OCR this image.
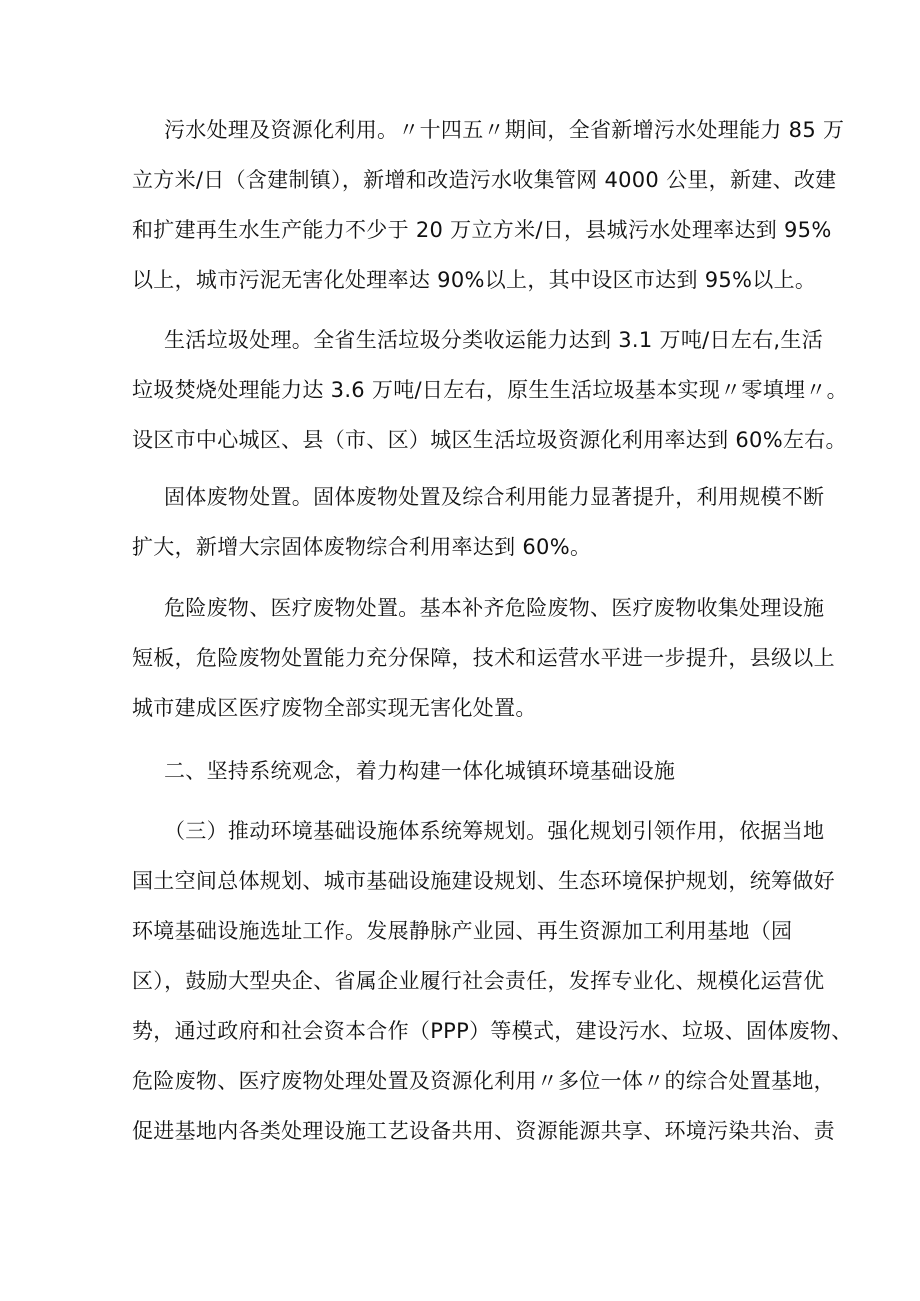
污水处理及资源化利用。〃十四五〃期间，全省新增污水处理能力 85 万
立方米/日（含建制镇），新增和改造污水收集管网 4000 公里，新建、改建
和扩建再生水生产能力不少于 20 万立方米/日，县城污水处理率达到 95%
以上，城市污泥无害化处理率达 90%以上，其中设区市达到 95%以上。
生活垃圾处理。全省生活垃圾分类收运能力达到 3.1 万吨/日左右,生活
垃圾焚烧处理能力达 3.6 万吨/日左右，原生生活垃圾基本实现〃零填埋〃。
设区市中心城区、县（市、区）城区生活垃圾资源化利用率达到 60%左右。
固体废物处置。固体废物处置及综合利用能力显著提升，利用规模不断
扩大，新增大宗固体废物综合利用率达到 60%。
危险废物、医疗废物处置。基本补齐危险废物、医疗废物收集处理设施
短板，危险废物处置能力充分保障，技术和运营水平进一步提升，县级以上
城市建成区医疗废物全部实现无害化处置。
二、坚持系统观念，着力构建一体化城镇环境基础设施
（三）推动环境基础设施体系统筹规划。强化规划引领作用，依据当地
国土空间总体规划、城市基础设施建设规划、生态环境保护规划，统筹做好
环境基础设施选址工作。发展静脉产业园、再生资源加工利用基地（园
区），鼓励大型央企、省属企业履行社会责任，发挥专业化、规模化运营优
势，通过政府和社会资本合作（PPP）等模式，建设污水、垃圾、固体废物、
危险废物、医疗废物处理处置及资源化利用〃多位一体〃的综合处置基地，
促进基地内各类处理设施工艺设备共用、资源能源共享、环境污染共治、责
